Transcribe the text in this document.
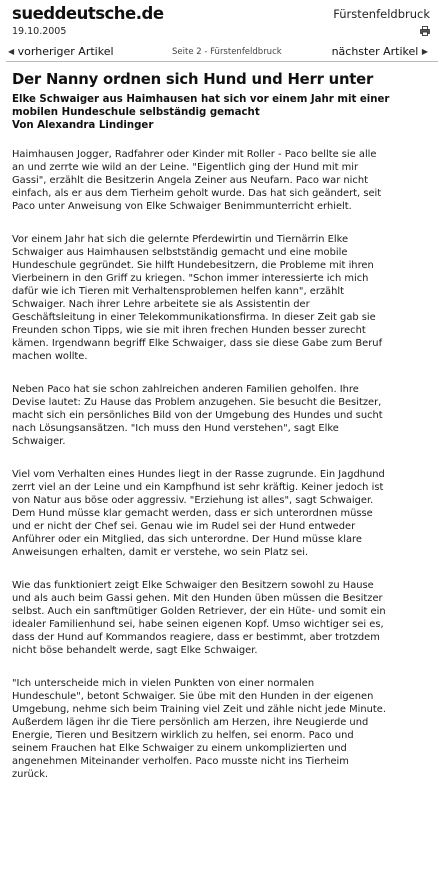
sueddeutsche.de	Fürstenfeldbruck
19.10.2005
◀ vorheriger Artikel	Seite 2 - Fürstenfeldbruck	nächster Artikel ▶
Der Nanny ordnen sich Hund und Herr unter
Elke Schwaiger aus Haimhausen hat sich vor einem Jahr mit einer
mobilen Hundeschule selbständig gemacht
Von Alexandra Lindinger

Haimhausen Jogger, Radfahrer oder Kinder mit Roller - Paco bellte sie alle
an und zerrte wie wild an der Leine. "Eigentlich ging der Hund mit mir
Gassi", erzählt die Besitzerin Angela Zeiner aus Neufarn. Paco war nicht
einfach, als er aus dem Tierheim geholt wurde. Das hat sich geändert, seit
Paco unter Anweisung von Elke Schwaiger Benimmunterricht erhielt.

Vor einem Jahr hat sich die gelernte Pferdewirtin und Tiernärrin Elke
Schwaiger aus Haimhausen selbstständig gemacht und eine mobile
Hundeschule gegründet. Sie hilft Hundebesitzern, die Probleme mit ihren
Vierbeinern in den Griff zu kriegen. "Schon immer interessierte ich mich
dafür wie ich Tieren mit Verhaltensproblemen helfen kann", erzählt
Schwaiger. Nach ihrer Lehre arbeitete sie als Assistentin der
Geschäftsleitung in einer Telekommunikationsfirma. In dieser Zeit gab sie
Freunden schon Tipps, wie sie mit ihren frechen Hunden besser zurecht
kämen. Irgendwann begriff Elke Schwaiger, dass sie diese Gabe zum Beruf
machen wollte.

Neben Paco hat sie schon zahlreichen anderen Familien geholfen. Ihre
Devise lautet: Zu Hause das Problem anzugehen. Sie besucht die Besitzer,
macht sich ein persönliches Bild von der Umgebung des Hundes und sucht
nach Lösungsansätzen. "Ich muss den Hund verstehen", sagt Elke
Schwaiger.

Viel vom Verhalten eines Hundes liegt in der Rasse zugrunde. Ein Jagdhund
zerrt viel an der Leine und ein Kampfhund ist sehr kräftig. Keiner jedoch ist
von Natur aus böse oder aggressiv. "Erziehung ist alles", sagt Schwaiger.
Dem Hund müsse klar gemacht werden, dass er sich unterordnen müsse
und er nicht der Chef sei. Genau wie im Rudel sei der Hund entweder
Anführer oder ein Mitglied, das sich unterordne. Der Hund müsse klare
Anweisungen erhalten, damit er verstehe, wo sein Platz sei.

Wie das funktioniert zeigt Elke Schwaiger den Besitzern sowohl zu Hause
und als auch beim Gassi gehen. Mit den Hunden üben müssen die Besitzer
selbst. Auch ein sanftmütiger Golden Retriever, der ein Hüte- und somit ein
idealer Familienhund sei, habe seinen eigenen Kopf. Umso wichtiger sei es,
dass der Hund auf Kommandos reagiere, dass er bestimmt, aber trotzdem
nicht böse behandelt werde, sagt Elke Schwaiger.

"Ich unterscheide mich in vielen Punkten von einer normalen
Hundeschule", betont Schwaiger. Sie übe mit den Hunden in der eigenen
Umgebung, nehme sich beim Training viel Zeit und zähle nicht jede Minute.
Außerdem lägen ihr die Tiere persönlich am Herzen, ihre Neugierde und
Energie, Tieren und Besitzern wirklich zu helfen, sei enorm. Paco und
seinem Frauchen hat Elke Schwaiger zu einem unkomplizierten und
angenehmen Miteinander verholfen. Paco musste nicht ins Tierheim
zurück.
